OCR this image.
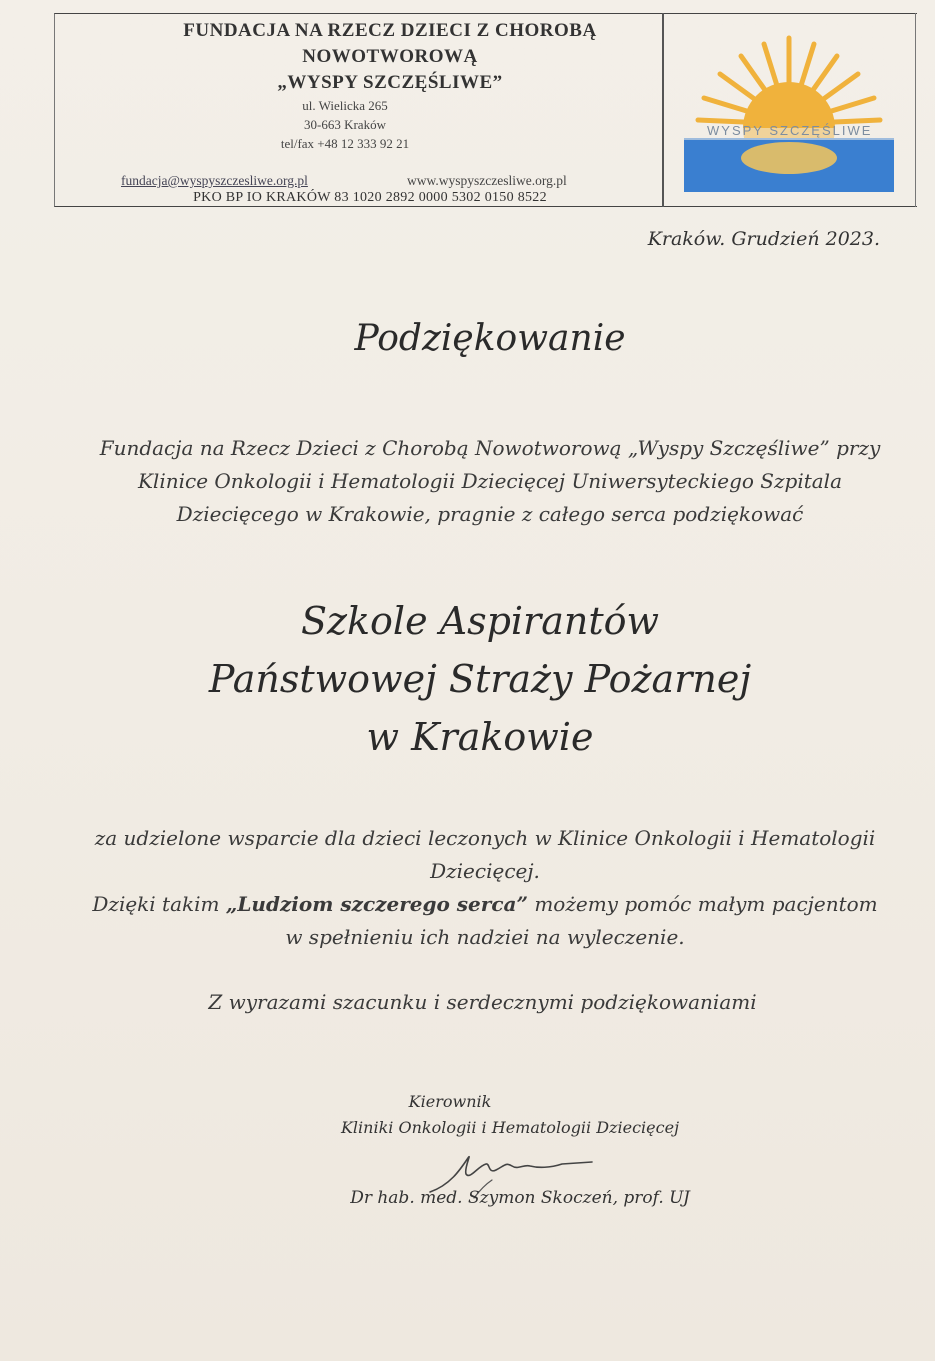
FUNDACJA NA RZECZ DZIECI Z CHOROBĄ
NOWOTWOROWĄ
„WYSPY SZCZĘŚLIWE”
ul. Wielicka 265
30-663 Kraków
tel/fax +48 12 333 92 21
fundacja@wyspyszczesliwe.org.pl	www.wyspyszczesliwe.org.pl
PKO BP IO KRAKÓW 83 1020 2892 0000 5302 0150 8522
WYSPY SZCZĘŚLIWE
Kraków. Grudzień 2023.
Podziękowanie
Fundacja na Rzecz Dzieci z Chorobą Nowotworową „Wyspy Szczęśliwe” przy
Klinice Onkologii i Hematologii Dziecięcej Uniwersyteckiego Szpitala
Dziecięcego w Krakowie, pragnie z całego serca podziękować
Szkole Aspirantów
Państwowej Straży Pożarnej
w Krakowie
za udzielone wsparcie dla dzieci leczonych w Klinice Onkologii i Hematologii
Dziecięcej.
Dzięki takim „Ludziom szczerego serca” możemy pomóc małym pacjentom
w spełnieniu ich nadziei na wyleczenie.
Z wyrazami szacunku i serdecznymi podziękowaniami
Kierownik
Kliniki Onkologii i Hematologii Dziecięcej
Dr hab. med. Szymon Skoczeń, prof. UJ
